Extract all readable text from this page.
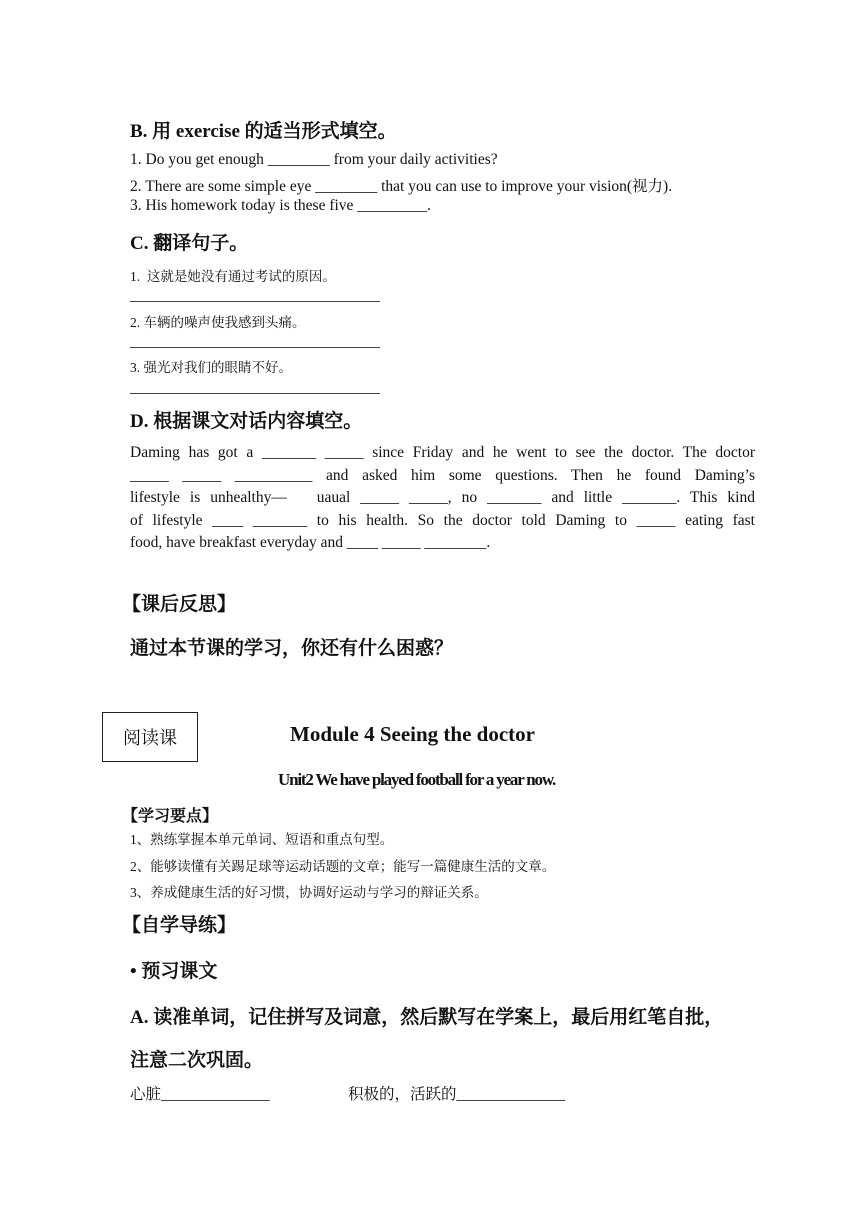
B. 用 exercise 的适当形式填空。
1. Do you get enough ________ from your daily activities?
2. There are some simple eye ________ that you can use to improve your vision(视力).
3. His homework today is these five _________.
C. 翻译句子。
1.  这就是她没有通过考试的原因。
2. 车辆的噪声使我感到头痛。
3. 强光对我们的眼睛不好。
D. 根据课文对话内容填空。

Daming has got a _______ _____ since Friday and he went to see the doctor. The doctor

_____ _____ __________ and asked him some questions. Then he found Daming’s

lifestyle is unhealthy—   uaual _____ _____, no _______ and little _______. This kind

of lifestyle ____ _______ to his health. So the doctor told Daming to _____ eating fast

food, have breakfast everyday and ____ _____ ________.

【课后反思】
通过本节课的学习，你还有什么困惑？
阅读课	Module 4 Seeing the doctor
Unit2 We have played football for a year now.
【学习要点】
1、熟练掌握本单元单词、短语和重点句型。
2、能够读懂有关踢足球等运动话题的文章；能写一篇健康生活的文章。
3、养成健康生活的好习惯，协调好运动与学习的辩证关系。
【自学导练】
• 预习课文
A. 读准单词，记住拼写及词意，然后默写在学案上，最后用红笔自批，
注意二次巩固。
心脏______________	积极的，活跃的______________
